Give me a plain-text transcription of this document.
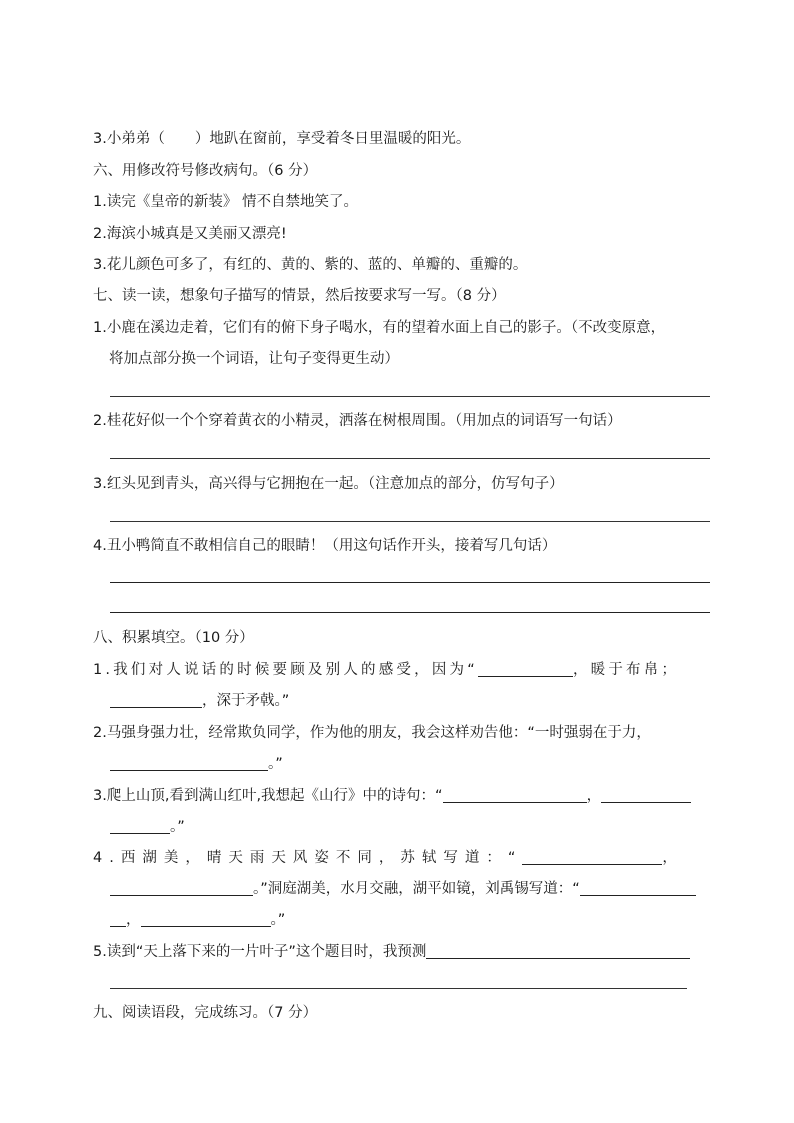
3.小弟弟（ ）地趴在窗前，享受着冬日里温暖的阳光。
六、用修改符号修改病句。（6 分）
1.读完《皇帝的新装》 情不自禁地笑了。
2.海滨小城真是又美丽又漂亮!
3.花儿颜色可多了，有红的、黄的、紫的、蓝的、单瓣的、重瓣的。
七、读一读，想象句子描写的情景，然后按要求写一写。（8 分）
1.小鹿在溪边走着，它们有的俯下身子喝水，有的望着水面上自己的影子。（不改变原意，
将加点部分换一个词语，让句子变得更生动）
2.桂花好似一个个穿着黄衣的小精灵，洒落在树根周围。（用加点的词语写一句话）
3.红头见到青头，高兴得与它拥抱在一起。（注意加点的部分，仿写句子）
4.丑小鸭简直不敢相信自己的眼睛！（用这句话作开头，接着写几句话）
八、积累填空。（10 分）
1.我们对人说话的时候要顾及别人的感受，因为“	，暖于布帛；
，深于矛戟。”
2.马强身强力壮，经常欺负同学，作为他的朋友，我会这样劝告他：“一时强弱在于力，
。”
3.爬上山顶,看到满山红叶,我想起《山行》中的诗句：“	，
。”
4.西湖美，晴天雨天风姿不同，苏轼写道：“	，
。”洞庭湖美，水月交融，湖平如镜，刘禹锡写道：“
，	。”
5.读到“天上落下来的一片叶子”这个题目时，我预测
九、阅读语段，完成练习。（7 分）
